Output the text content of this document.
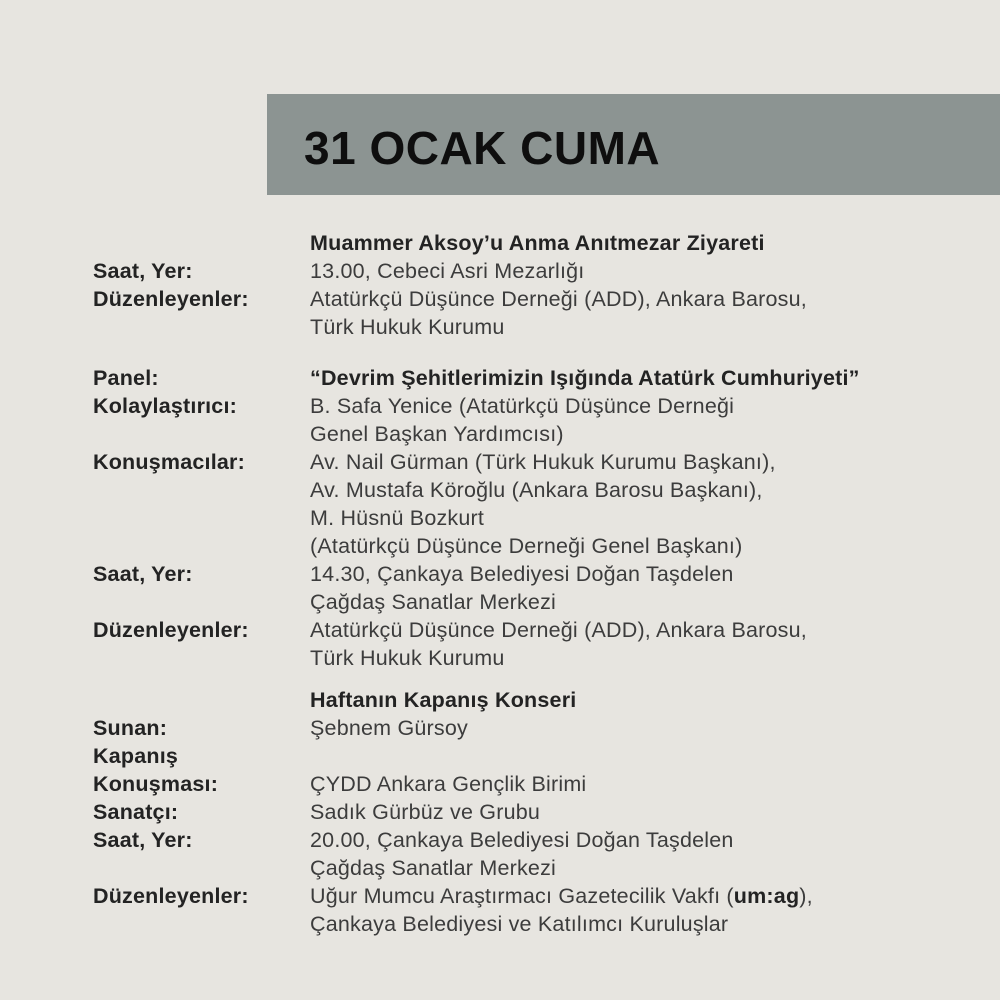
31 OCAK CUMA
Muammer Aksoy’u Anma Anıtmezar Ziyareti
Saat, Yer:	13.00, Cebeci Asri Mezarlığı
Düzenleyenler:	Atatürkçü Düşünce Derneği (ADD), Ankara Barosu,
Türk Hukuk Kurumu
Panel:	“Devrim Şehitlerimizin Işığında Atatürk Cumhuriyeti”
Kolaylaştırıcı:	B. Safa Yenice (Atatürkçü Düşünce Derneği
Genel Başkan Yardımcısı)
Konuşmacılar:	Av. Nail Gürman (Türk Hukuk Kurumu Başkanı),
Av. Mustafa Köroğlu (Ankara Barosu Başkanı),
M. Hüsnü Bozkurt
(Atatürkçü Düşünce Derneği Genel Başkanı)
Saat, Yer:	14.30, Çankaya Belediyesi Doğan Taşdelen
Çağdaş Sanatlar Merkezi
Düzenleyenler:	Atatürkçü Düşünce Derneği (ADD), Ankara Barosu,
Türk Hukuk Kurumu
Haftanın Kapanış Konseri
Sunan:	Şebnem Gürsoy
Kapanış
Konuşması:	ÇYDD Ankara Gençlik Birimi
Sanatçı:	Sadık Gürbüz ve Grubu
Saat, Yer:	20.00, Çankaya Belediyesi Doğan Taşdelen
Çağdaş Sanatlar Merkezi
Düzenleyenler:	Uğur Mumcu Araştırmacı Gazetecilik Vakfı (um:ag),
Çankaya Belediyesi ve Katılımcı Kuruluşlar
